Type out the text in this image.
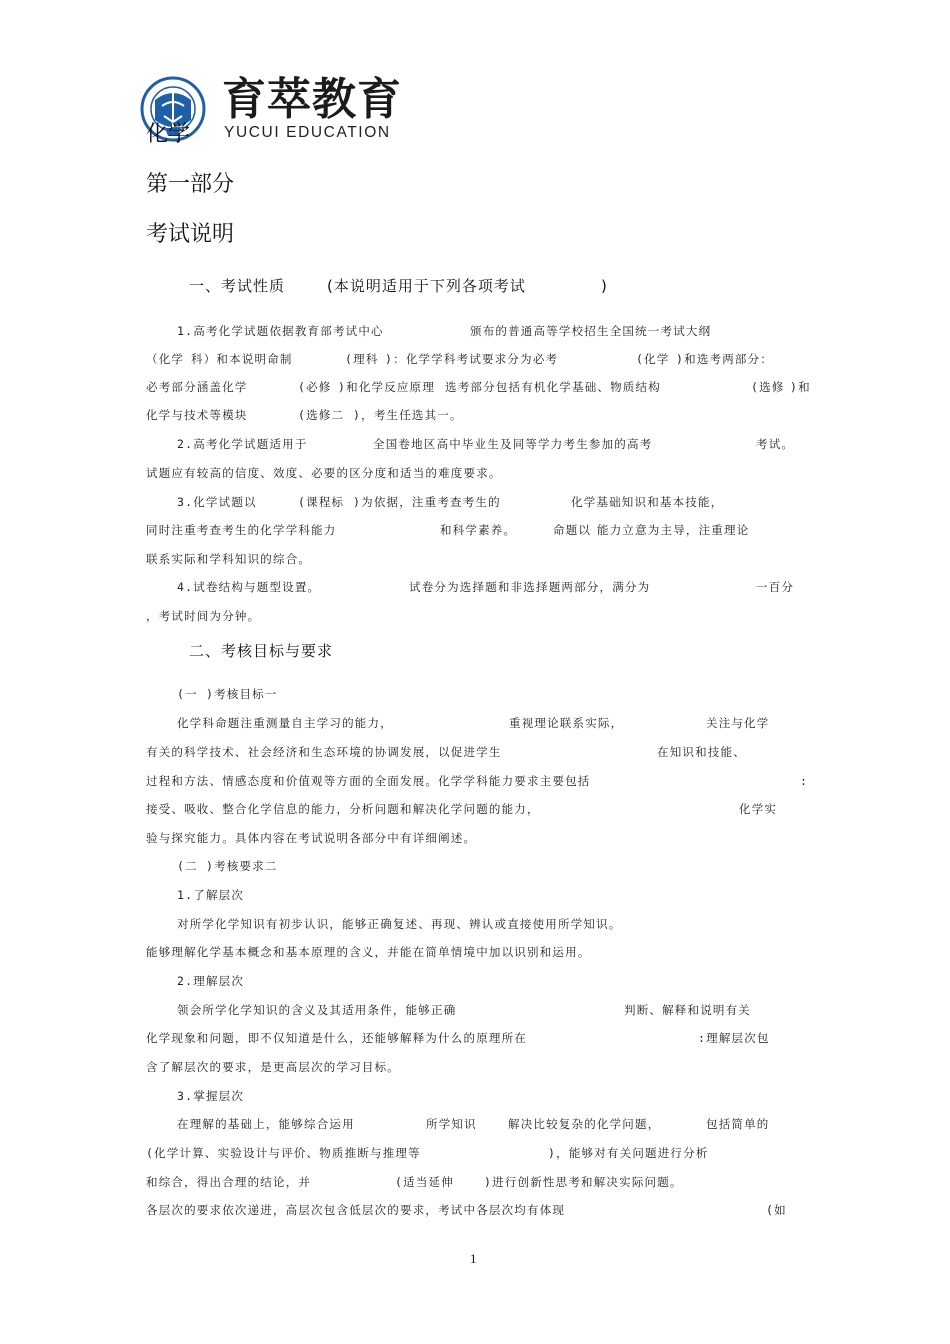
育萃教育
YUCUI EDUCATION
化学
第一部分
考试说明
一、考试性质	(本说明适用于下列各项考试	)
1.高考化学试题依据教育部考试中心	颁布的普通高等学校招生全国统一考试大纲
（化学 科）和本说明命制	(理科 )：化学学科考试要求分为必考	(化学 )和选考两部分：
必考部分涵盖化学	(必修 )和化学反应原理 选考部分包括有机化学基础、物质结构	(选修 )和
化学与技术等模块	(选修二 )，考生任选其一。
2.高考化学试题适用于	全国卷地区高中毕业生及同等学力考生参加的高考	考试。
试题应有较高的信度、效度、必要的区分度和适当的难度要求。
3.化学试题以	(课程标 )为依据，注重考查考生的	化学基础知识和基本技能，
同时注重考查考生的化学学科能力	和科学素养。	命题以 能力立意为主导，注重理论
联系实际和学科知识的综合。
4.试卷结构与题型设置。	试卷分为选择题和非选择题两部分，满分为	一百分
，考试时间为分钟。
二、考核目标与要求
(一 )考核目标一
化学科命题注重测量自主学习的能力，	重视理论联系实际，	关注与化学
有关的科学技术、社会经济和生态环境的协调发展，以促进学生	在知识和技能、
过程和方法、情感态度和价值观等方面的全面发展。化学学科能力要求主要包括	:
接受、吸收、整合化学信息的能力，分析问题和解决化学问题的能力，	化学实
验与探究能力。具体内容在考试说明各部分中有详细阐述。
(二 )考核要求二
1.了解层次
对所学化学知识有初步认识，能够正确复述、再现、辨认或直接使用所学知识。
能够理解化学基本概念和基本原理的含义，并能在简单情境中加以识别和运用。
2.理解层次
领会所学化学知识的含义及其适用条件，能够正确	判断、解释和说明有关
化学现象和问题，即不仅知道是什么，还能够解释为什么的原理所在	:理解层次包
含了解层次的要求，是更高层次的学习目标。
3.掌握层次
在理解的基础上，能够综合运用	所学知识	解决比较复杂的化学问题，	包括简单的
(化学计算、实验设计与评价、物质推断与推理等	)，能够对有关问题进行分析
和综合，得出合理的结论，并	(适当延伸	)进行创新性思考和解决实际问题。
各层次的要求依次递进，高层次包含低层次的要求，考试中各层次均有体现	(如
1
